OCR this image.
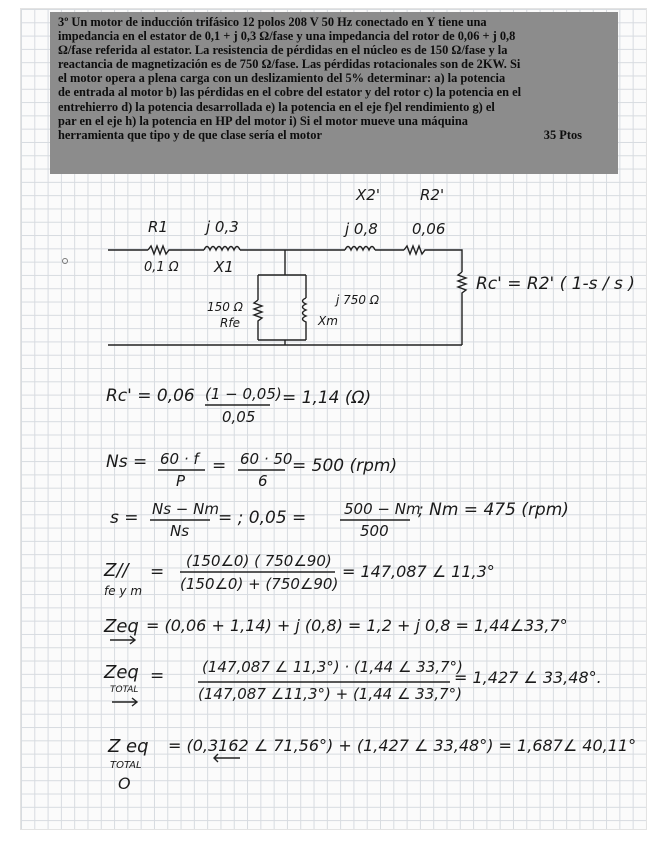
3º Un motor de inducción trifásico 12 polos 208 V 50 Hz conectado en Y tiene una

impedancia en el estator de 0,1 + j 0,3 Ω/fase y una impedancia del rotor de 0,06 + j 0,8

Ω/fase referida al estator. La resistencia de pérdidas en el núcleo es de 150 Ω/fase y la

reactancia de magnetización es de 750 Ω/fase. Las pérdidas rotacionales son de 2KW. Si

el motor opera a plena carga con un deslizamiento del 5% determinar: a) la potencia

de entrada al motor b) las pérdidas en el cobre del estator y del rotor c) la potencia en el

entrehierro d) la potencia desarrollada e) la potencia en el eje f)el rendimiento g) el

par en el eje h) la potencia en HP del motor i) Si el motor mueve una máquina

herramienta que tipo y de que clase sería el motor	35 Ptos

R1
0,1 Ω
j 0,3
X1
X2'
j 0,8
R2'
0,06
150 Ω
Rfe
j 750 Ω
Xm
Rc' = R2' ( 1-s / s )
Rc' = 0,06 (1 − 0,05)
0,05
= 1,14 (Ω)
Ns = 60 · f
P
= 60 · 50
6
= 500 (rpm)
s = Ns − Nm
Ns
= ; 0,05 =	500 − Nm
500
; Nm = 475 (rpm)
Z//
fe y m
=
(150∠0) ( 750∠90)
(150∠0) + (750∠90)
= 147,087 ∠ 11,3°
Zeq = (0,06 + 1,14) + j (0,8) = 1,2 + j 0,8 = 1,44∠33,7°
Zeq
TOTAL
=	(147,087 ∠ 11,3°) · (1,44 ∠ 33,7°)
(147,087 ∠11,3°) + (1,44 ∠ 33,7°)
= 1,427 ∠ 33,48°.
Z eq
TOTAL
O
= (0,3162 ∠ 71,56°) + (1,427 ∠ 33,48°) = 1,687∠ 40,11°
